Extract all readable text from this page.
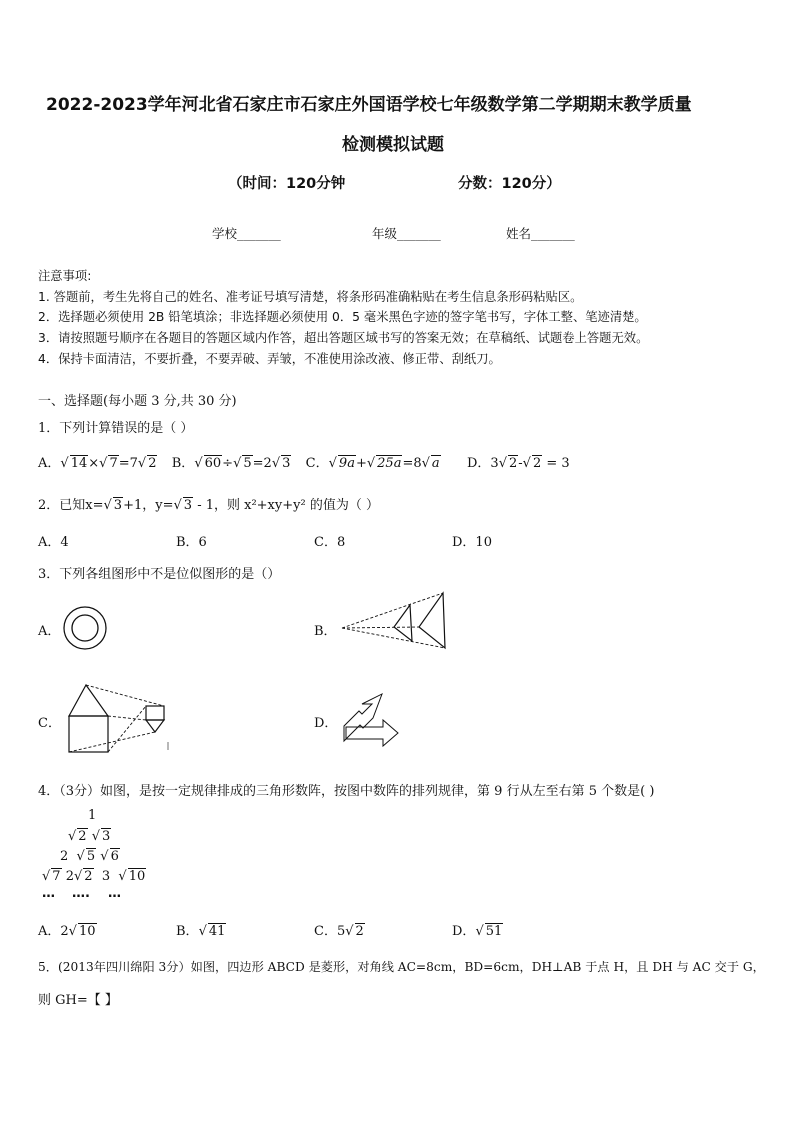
2022-2023学年河北省石家庄市石家庄外国语学校七年级数学第二学期期末教学质量
检测模拟试题
（时间：120分钟	分数：120分）
学校_______	年级_______	姓名_______
注意事项:
1. 答题前，考生先将自己的姓名、准考证号填写清楚，将条形码准确粘贴在考生信息条形码粘贴区。
2．选择题必须使用 2B 铅笔填涂；非选择题必须使用 0．5 毫米黑色字迹的签字笔书写，字体工整、笔迹清楚。
3．请按照题号顺序在各题目的答题区域内作答，超出答题区域书写的答案无效；在草稿纸、试题卷上答题无效。
4．保持卡面清洁，不要折叠，不要弄破、弄皱，不准使用涂改液、修正带、刮纸刀。
一、选择题(每小题 3 分,共 30 分)
1．下列计算错误的是（ ）
A．√ 14×√ 7=7√ 2 B．√ 60÷√ 5=2√ 3 C．√ 9a+√ 25a=8√ a D．3√ 2-√ 2 = 3
2．已知x=√ 3+1，y=√ 3 - 1，则 x²+xy+y² 的值为（ ）
A．4	B．6	C．8	D．10
3．下列各组图形中不是位似图形的是（）
A．	B．
C．	D．
4．（3分）如图，是按一定规律排成的三角形数阵，按图中数阵的排列规律，第 9 行从左至右第 5 个数是( )
1
√ 2 √ 3
2 √ 5 √ 6
√ 7 2√ 2 3 √ 10
… …. …
A．2√ 10	B．√ 41	C．5√ 2	D．√ 51
5．(2013年四川绵阳 3分）如图，四边形 ABCD 是菱形，对角线 AC=8cm，BD=6cm，DH⊥AB 于点 H，且 DH 与 AC 交于 G，
则 GH=【 】
